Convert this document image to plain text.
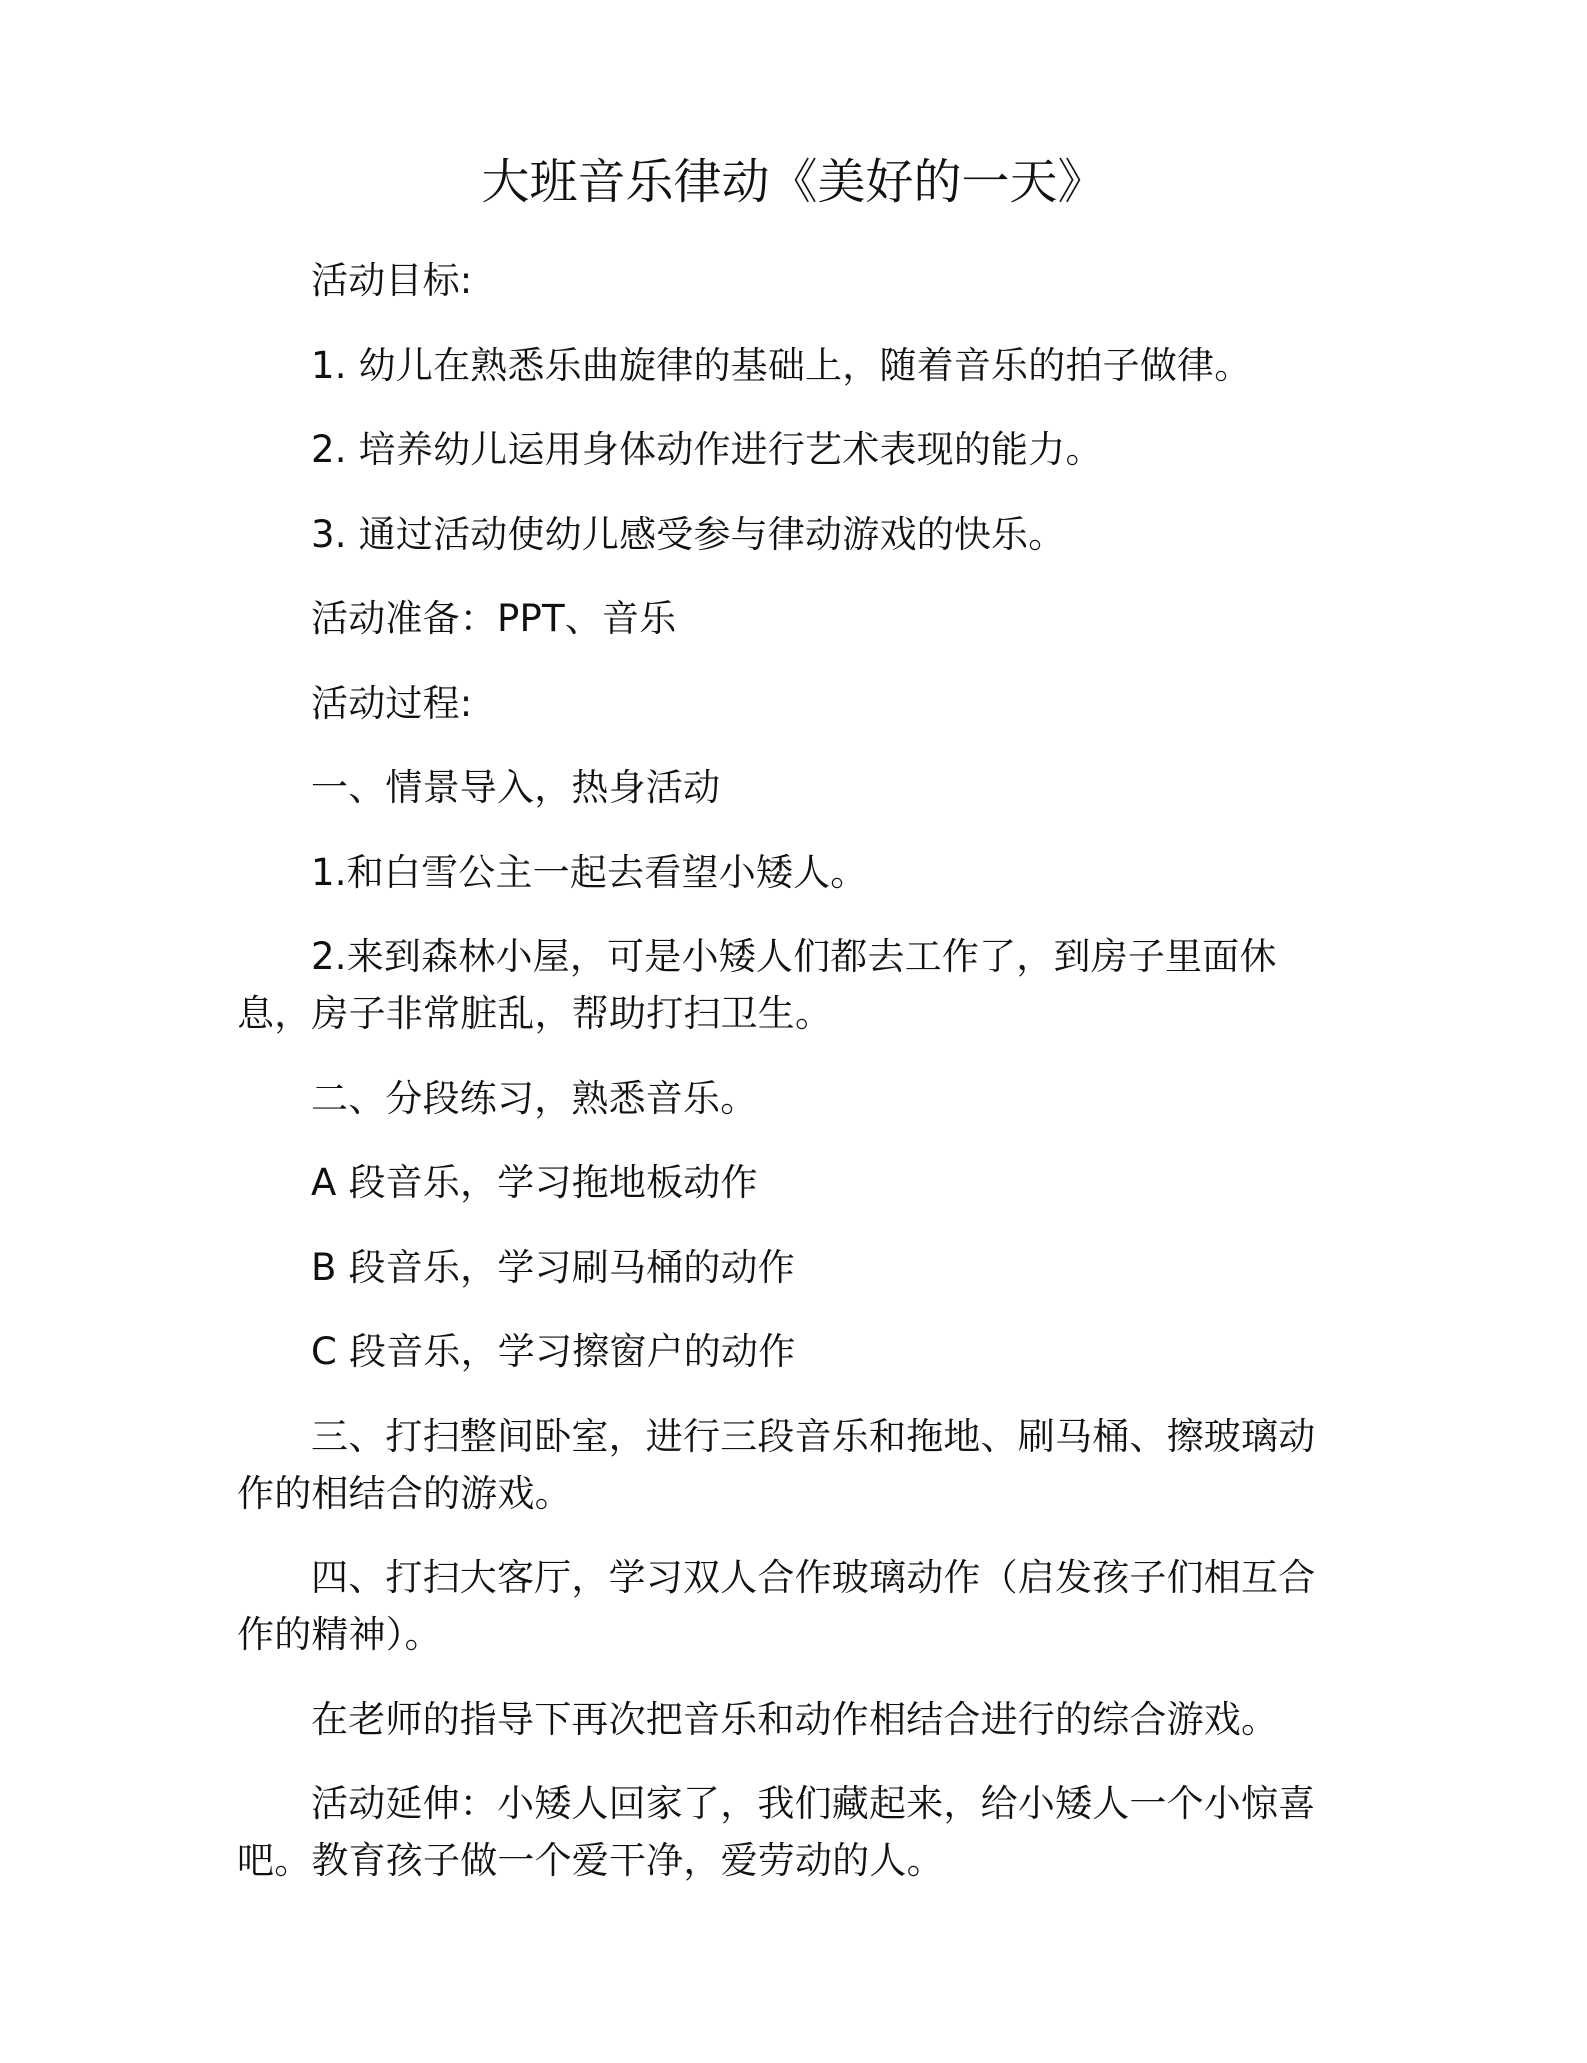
大班音乐律动《美好的一天》

活动目标:

1. 幼儿在熟悉乐曲旋律的基础上，随着音乐的拍子做律。

2. 培养幼儿运用身体动作进行艺术表现的能力。

3. 通过活动使幼儿感受参与律动游戏的快乐。

活动准备：PPT、音乐

活动过程:

一、情景导入，热身活动

1.和白雪公主一起去看望小矮人。

2.来到森林小屋，可是小矮人们都去工作了，到房子里面休息，房子非常脏乱，帮助打扫卫生。

二、分段练习，熟悉音乐。

A 段音乐，学习拖地板动作

B 段音乐，学习刷马桶的动作

C 段音乐，学习擦窗户的动作

三、打扫整间卧室，进行三段音乐和拖地、刷马桶、擦玻璃动作的相结合的游戏。

四、打扫大客厅，学习双人合作玻璃动作（启发孩子们相互合作的精神）。

在老师的指导下再次把音乐和动作相结合进行的综合游戏。

活动延伸：小矮人回家了，我们藏起来，给小矮人一个小惊喜吧。教育孩子做一个爱干净，爱劳动的人。
